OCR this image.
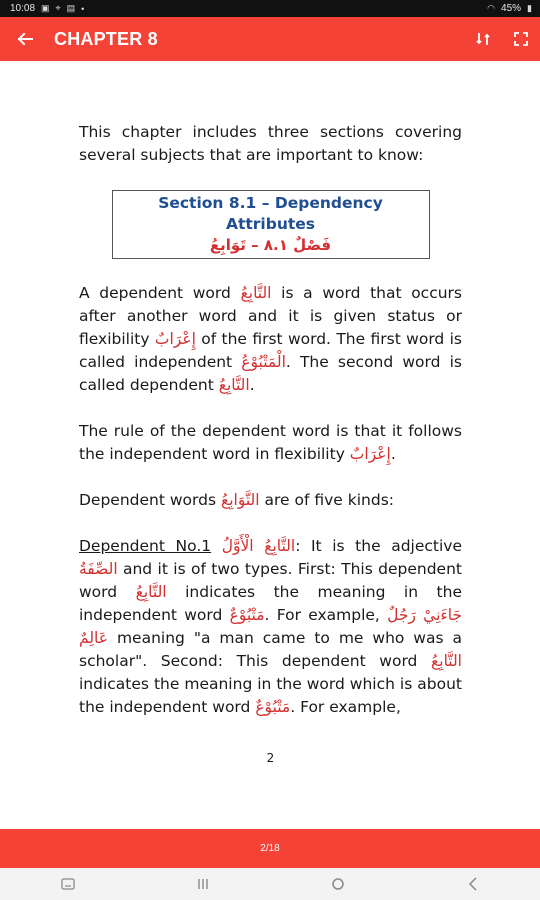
10:08 ▣ ⌖ ▤ •	◠ 45% ▮
CHAPTER 8

This chapter includes three sections covering several subjects that are important to know:

Section 8.1 – Dependency Attributes
فَصْلٌ ٨.١ – تَوَابِعُ

A dependent word التَّابِعُ is a word that occurs after another word and it is given status or flexibility إِعْرَابٌ of the first word. The first word is called independent الْمَتْبُوْعُ. The second word is called dependent التَّابِعُ.

The rule of the dependent word is that it follows the independent word in flexibility إِعْرَابٌ.

Dependent words التَّوَابِعُ are of five kinds:

Dependent No.1 التَّابِعُ الْأَوَّلُ: It is the adjective الصِّفَةُ and it is of two types. First: This dependent word التَّابِعُ indicates the meaning in the independent word مَتْبُوْعٌ. For example, جَاءَنِيْ رَجُلٌ عَالِمٌ meaning "a man came to me who was a scholar". Second: This dependent word التَّابِعُ indicates the meaning in the word which is about the independent word مَتْبُوْعٌ. For example,

2
2/18
